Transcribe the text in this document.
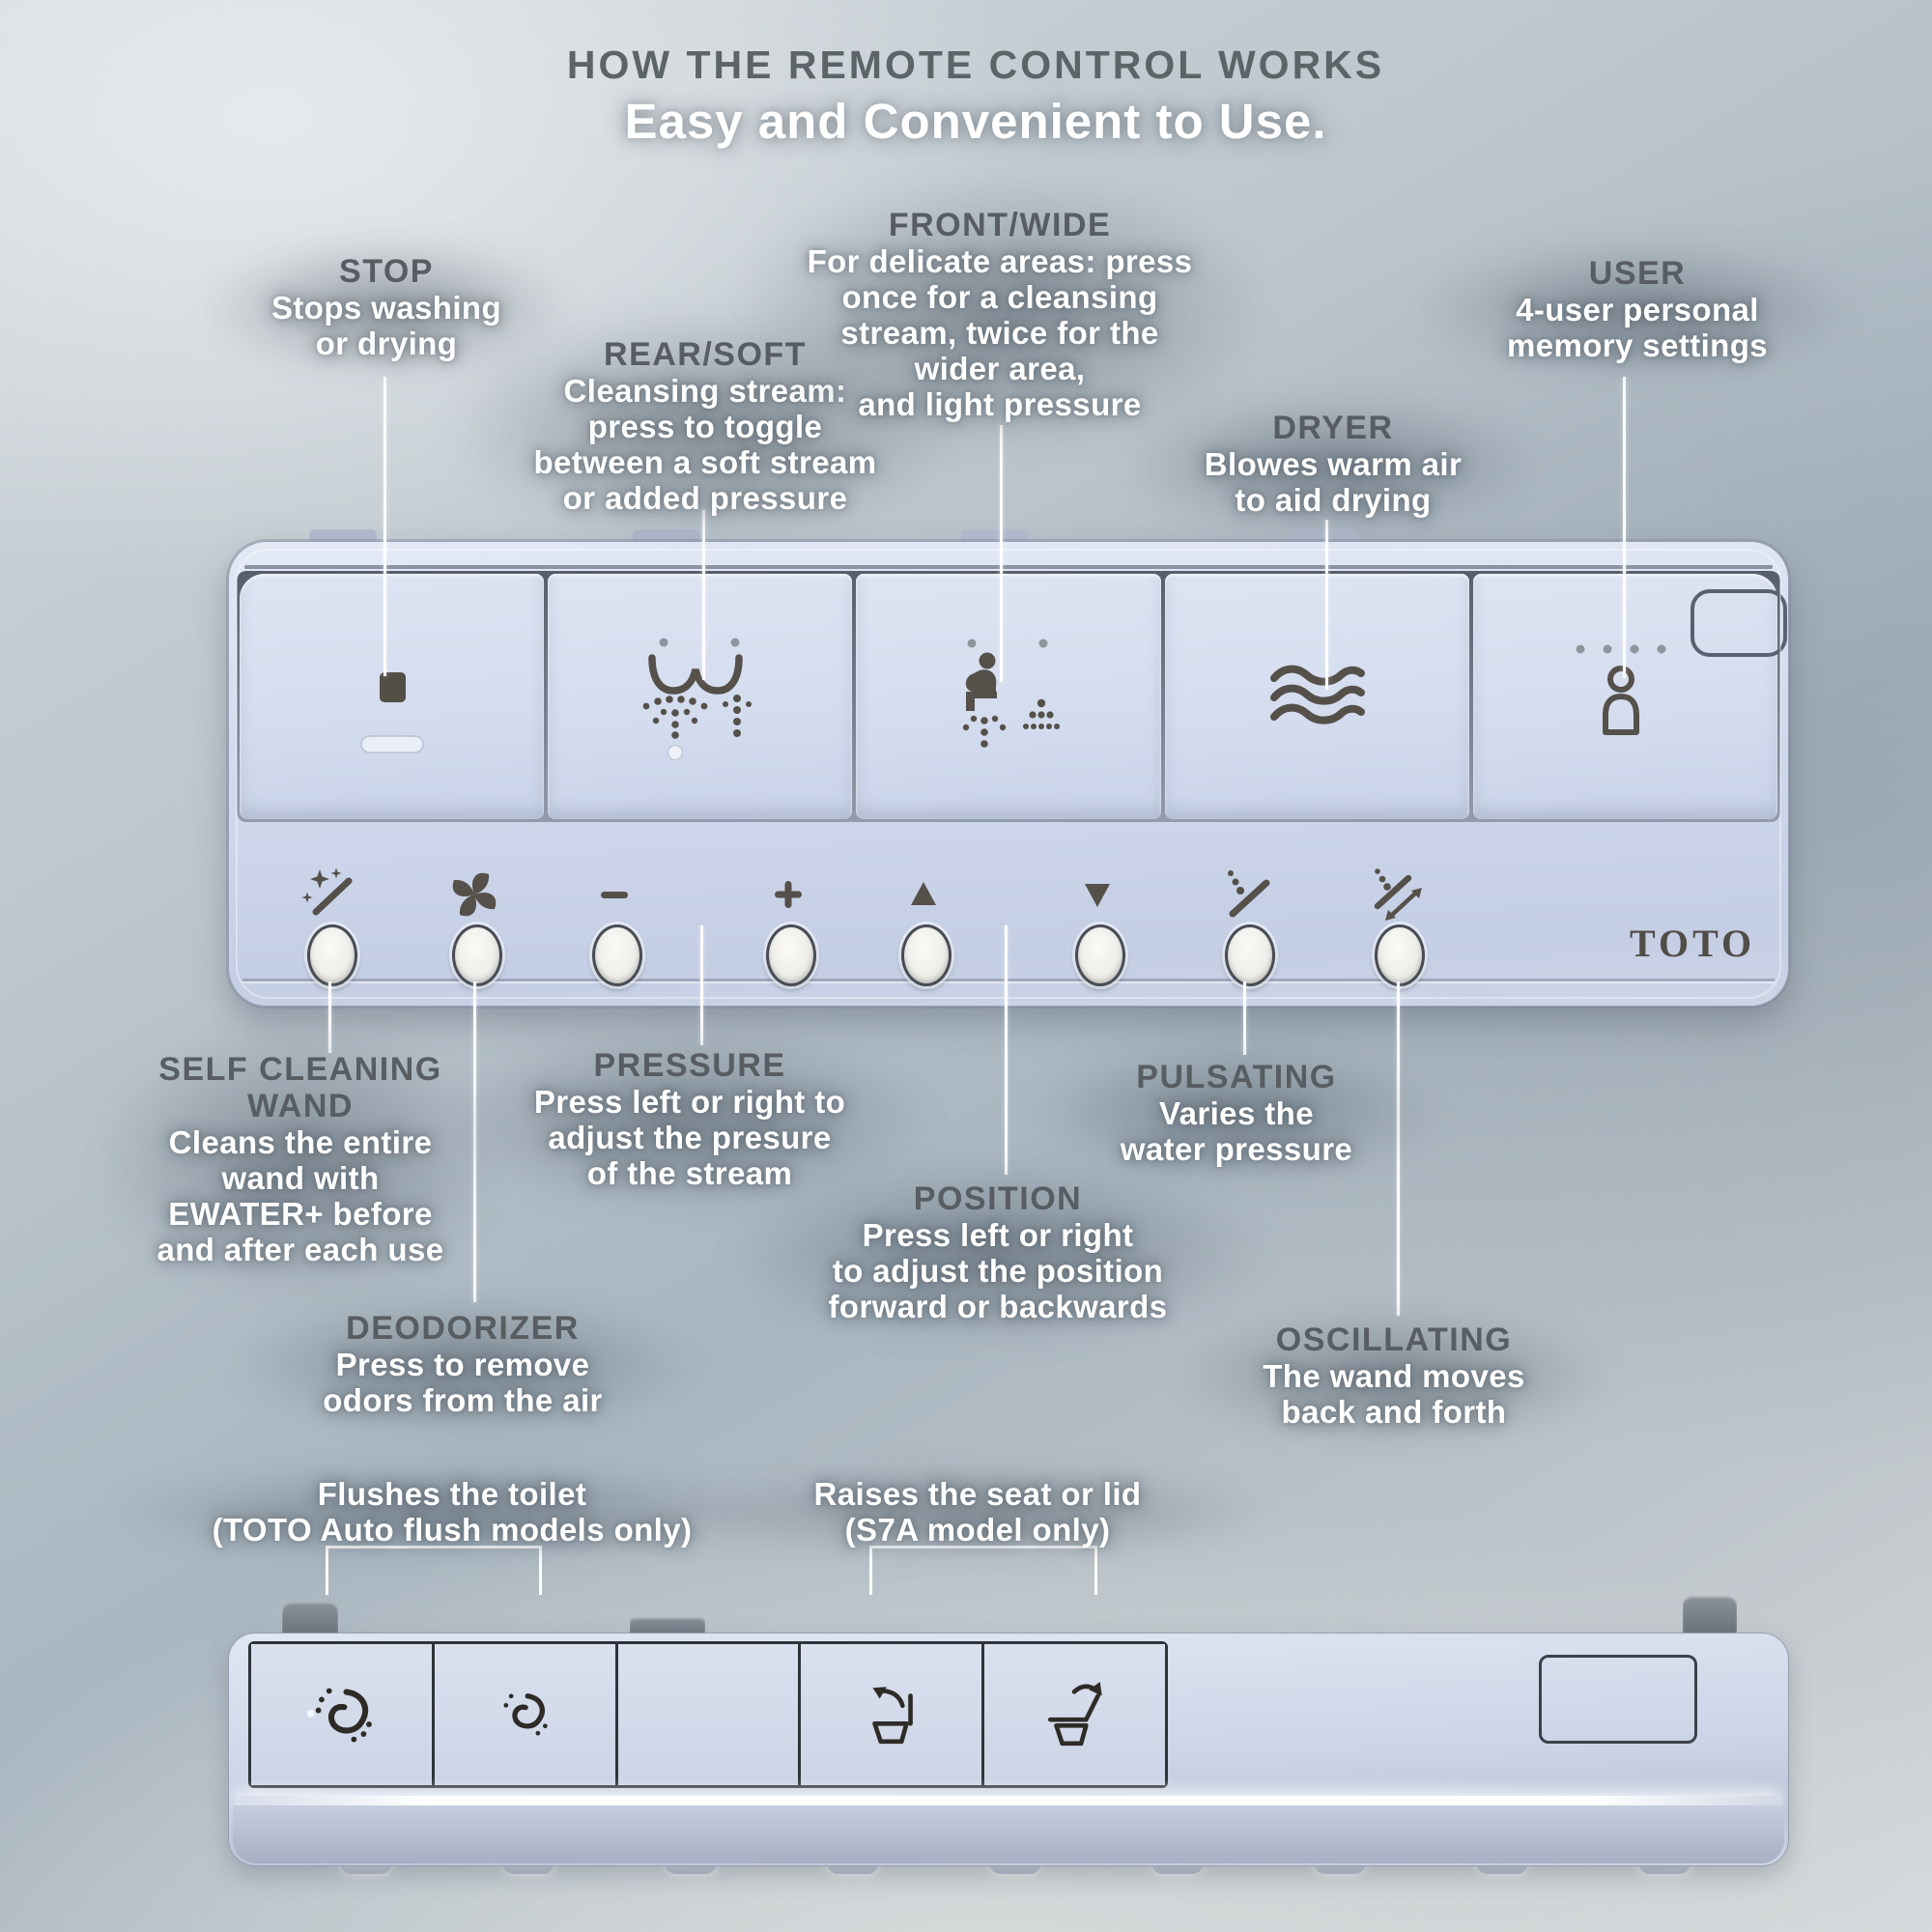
HOW THE REMOTE CONTROL WORKS
Easy and Convenient to Use.
TOTO
STOP
Stops washing
or drying	REAR/SOFT
Cleansing stream:
press to toggle
between a soft stream
or added pressure
FRONT/WIDE
For delicate areas: press
once for a cleansing
stream, twice for the
wider area,
and light pressure
DRYER
Blowes warm air
to aid drying
USER
4-user personal
memory settings
SELF CLEANING WAND
Cleans the entire
wand with
EWATER+ before
and after each use
DEODORIZER
Press to remove
odors from the air
PRESSURE
Press left or right to
adjust the presure
of the stream
POSITION
Press left or right
to adjust the position
forward or backwards
PULSATING
Varies the
water pressure
OSCILLATING
The wand moves
back and forth
Flushes the toilet
(TOTO Auto flush models only)
Raises the seat or lid
(S7A model only)
